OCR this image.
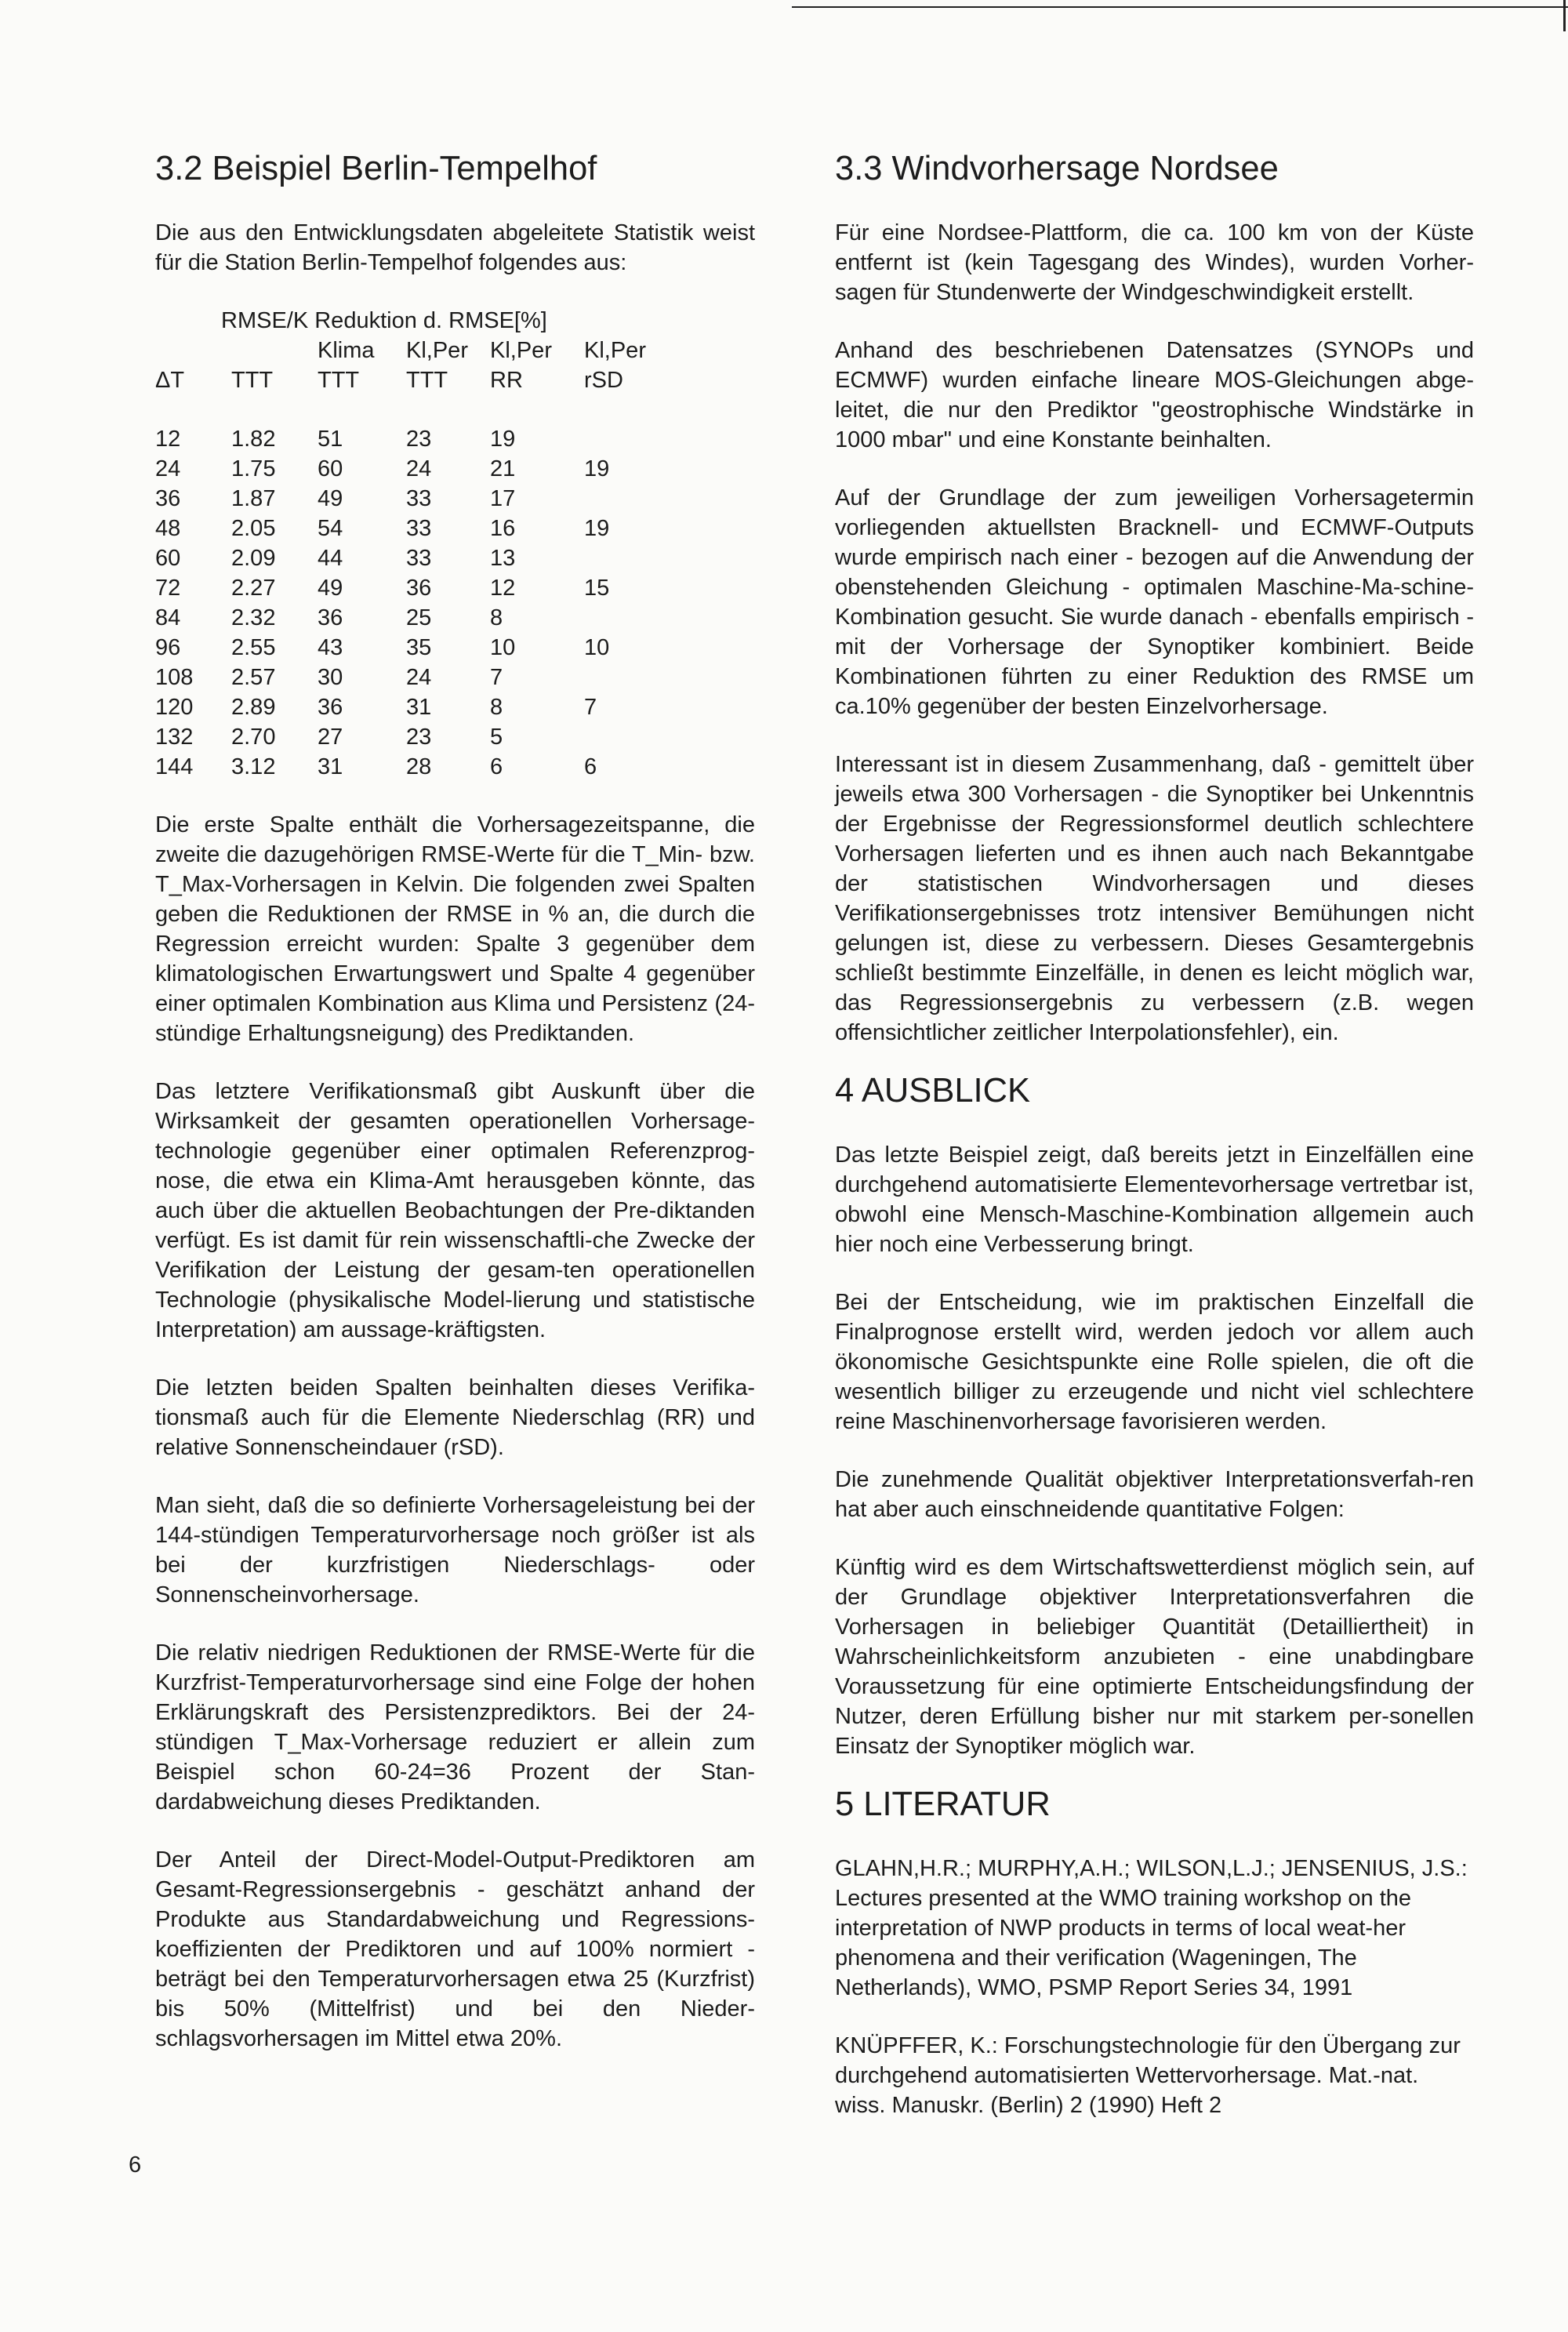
3.2 Beispiel Berlin-Tempelhof

Die aus den Entwicklungsdaten abgeleitete Statistik weist für die Station Berlin-Tempelhof folgendes aus:

RMSE/K Reduktion d. RMSE[%]
		Klima	Kl,Per	Kl,Per	Kl,Per
ΔT	TTT	TTT	TTT	RR	rSD

12	1.82	51	23	19	
24	1.75	60	24	21	19
36	1.87	49	33	17	
48	2.05	54	33	16	19
60	2.09	44	33	13	
72	2.27	49	36	12	15
84	2.32	36	25	8	
96	2.55	43	35	10	10
108	2.57	30	24	7	
120	2.89	36	31	8	7
132	2.70	27	23	5	
144	3.12	31	28	6	6

Die erste Spalte enthält die Vorhersagezeitspanne, die zweite die dazugehörigen RMSE-Werte für die T_Min- bzw. T_Max-Vorhersagen in Kelvin. Die folgenden zwei Spalten geben die Reduktionen der RMSE in % an, die durch die Regression erreicht wurden: Spalte 3 gegenüber dem klimatologischen Erwartungswert und Spalte 4 gegenüber einer optimalen Kombination aus Klima und Persistenz (24-stündige Erhaltungsneigung) des Prediktanden.

Das letztere Verifikationsmaß gibt Auskunft über die Wirksamkeit der gesamten operationellen Vorhersage-technologie gegenüber einer optimalen Referenzprog-nose, die etwa ein Klima-Amt herausgeben könnte, das auch über die aktuellen Beobachtungen der Pre-diktanden verfügt. Es ist damit für rein wissenschaftli-che Zwecke der Verifikation der Leistung der gesam-ten operationellen Technologie (physikalische Model-lierung und statistische Interpretation) am aussage-kräftigsten.

Die letzten beiden Spalten beinhalten dieses Verifika-tionsmaß auch für die Elemente Niederschlag (RR) und relative Sonnenscheindauer (rSD).

Man sieht, daß die so definierte Vorhersageleistung bei der 144-stündigen Temperaturvorhersage noch größer ist als bei der kurzfristigen Niederschlags- oder Sonnenscheinvorhersage.

Die relativ niedrigen Reduktionen der RMSE-Werte für die Kurzfrist-Temperaturvorhersage sind eine Folge der hohen Erklärungskraft des Persistenzprediktors. Bei der 24-stündigen T_Max-Vorhersage reduziert er allein zum Beispiel schon 60-24=36 Prozent der Stan-dardabweichung dieses Prediktanden.

Der Anteil der Direct-Model-Output-Prediktoren am Gesamt-Regressionsergebnis - geschätzt anhand der Produkte aus Standardabweichung und Regressions-koeffizienten der Prediktoren und auf 100% normiert - beträgt bei den Temperaturvorhersagen etwa 25 (Kurzfrist) bis 50% (Mittelfrist) und bei den Nieder-schlagsvorhersagen im Mittel etwa 20%.

3.3 Windvorhersage Nordsee

Für eine Nordsee-Plattform, die ca. 100 km von der Küste entfernt ist (kein Tagesgang des Windes), wurden Vorher-sagen für Stundenwerte der Windgeschwindigkeit erstellt.

Anhand des beschriebenen Datensatzes (SYNOPs und ECMWF) wurden einfache lineare MOS-Gleichungen abge-leitet, die nur den Prediktor "geostrophische Windstärke in 1000 mbar" und eine Konstante beinhalten.

Auf der Grundlage der zum jeweiligen Vorhersagetermin vorliegenden aktuellsten Bracknell- und ECMWF-Outputs wurde empirisch nach einer - bezogen auf die Anwendung der obenstehenden Gleichung - optimalen Maschine-Ma-schine-Kombination gesucht. Sie wurde danach - ebenfalls empirisch - mit der Vorhersage der Synoptiker kombiniert. Beide Kombinationen führten zu einer Reduktion des RMSE um ca.10% gegenüber der besten Einzelvorhersage.

Interessant ist in diesem Zusammenhang, daß - gemittelt über jeweils etwa 300 Vorhersagen - die Synoptiker bei Unkenntnis der Ergebnisse der Regressionsformel deutlich schlechtere Vorhersagen lieferten und es ihnen auch nach Bekanntgabe der statistischen Windvorhersagen und dieses Verifikationsergebnisses trotz intensiver Bemühungen nicht gelungen ist, diese zu verbessern. Dieses Gesamtergebnis schließt bestimmte Einzelfälle, in denen es leicht möglich war, das Regressionsergebnis zu verbessern (z.B. wegen offensichtlicher zeitlicher Interpolationsfehler), ein.

4 AUSBLICK

Das letzte Beispiel zeigt, daß bereits jetzt in Einzelfällen eine durchgehend automatisierte Elementevorhersage vertretbar ist, obwohl eine Mensch-Maschine-Kombination allgemein auch hier noch eine Verbesserung bringt.

Bei der Entscheidung, wie im praktischen Einzelfall die Finalprognose erstellt wird, werden jedoch vor allem auch ökonomische Gesichtspunkte eine Rolle spielen, die oft die wesentlich billiger zu erzeugende und nicht viel schlechtere reine Maschinenvorhersage favorisieren werden.

Die zunehmende Qualität objektiver Interpretationsverfah-ren hat aber auch einschneidende quantitative Folgen:

Künftig wird es dem Wirtschaftswetterdienst möglich sein, auf der Grundlage objektiver Interpretationsverfahren die Vorhersagen in beliebiger Quantität (Detailliertheit) in Wahrscheinlichkeitsform anzubieten - eine unabdingbare Voraussetzung für eine optimierte Entscheidungsfindung der Nutzer, deren Erfüllung bisher nur mit starkem per-sonellen Einsatz der Synoptiker möglich war.

5 LITERATUR

GLAHN,H.R.; MURPHY,A.H.; WILSON,L.J.; JENSENIUS, J.S.: Lectures presented at the WMO training workshop on the interpretation of NWP products in terms of local weat-her phenomena and their verification (Wageningen, The Netherlands), WMO, PSMP Report Series 34, 1991

KNÜPFFER, K.: Forschungstechnologie für den Übergang zur durchgehend automatisierten Wettervorhersage. Mat.-nat. wiss. Manuskr. (Berlin) 2 (1990) Heft 2

6
